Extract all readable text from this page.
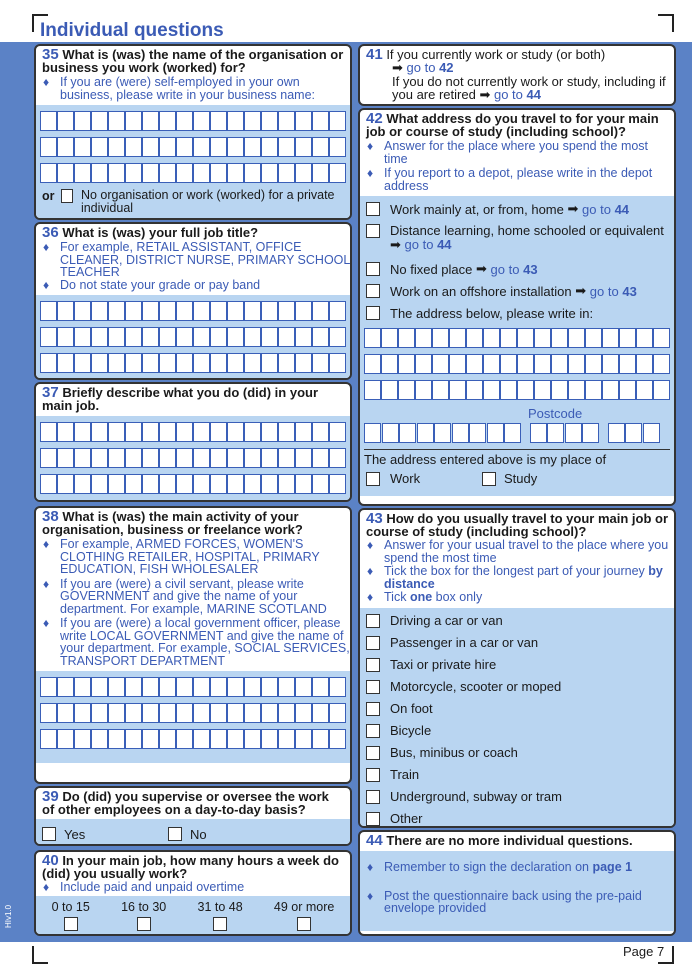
Individual questions
Page 7
HIv1.0
35 What is (was) the name of the organisation or business you work (worked) for?
♦ If you are (were) self-employed in your own business, please write in your business name:
or No organisation or work (worked) for a private individual
36 What is (was) your full job title?
♦ For example, RETAIL ASSISTANT, OFFICE CLEANER, DISTRICT NURSE, PRIMARY SCHOOL TEACHER
♦ Do not state your grade or pay band
37 Briefly describe what you do (did) in your main job.
38 What is (was) the main activity of your organisation, business or freelance work?
♦ For example, ARMED FORCES, WOMEN'S CLOTHING RETAILER, HOSPITAL, PRIMARY EDUCATION, FISH WHOLESALER
♦ If you are (were) a civil servant, please write GOVERNMENT and give the name of your department. For example, MARINE SCOTLAND
♦ If you are (were) a local government officer, please write LOCAL GOVERNMENT and give the name of your department. For example, SOCIAL SERVICES, TRANSPORT DEPARTMENT
39 Do (did) you supervise or oversee the work of other employees on a day-to-day basis?
Yes	No
40 In your main job, how many hours a week do (did) you usually work?
♦ Include paid and unpaid overtime
0 to 15 16 to 30 31 to 48 49 or more
41 If you currently work or study (or both)
➡ go to 42
If you do not currently work or study, including if you are retired ➡ go to 44
42 What address do you travel to for your main job or course of study (including school)?
♦ Answer for the place where you spend the most time
♦ If you report to a depot, please write in the depot address
Work mainly at, or from, home
➡
go to
44
Distance learning, home schooled or equivalent
➡ go to 44
No fixed place
➡
go to
43
Work on an offshore installation
➡
go to
43
The address below, please write in:
Postcode
The address entered above is my place of
Work	Study
43 How do you usually travel to your main job or course of study (including school)?
♦ Answer for your usual travel to the place where you spend the most time
♦ Tick the box for the longest part of your journey by distance
♦ Tick one box only
Driving a car or van
Passenger in a car or van
Taxi or private hire
Motorcycle, scooter or moped
On foot
Bicycle
Bus, minibus or coach
Train
Underground, subway or tram
Other
44 There are no more individual questions.
♦ Remember to sign the declaration on page 1
♦ Post the questionnaire back using the pre-paid envelope provided
